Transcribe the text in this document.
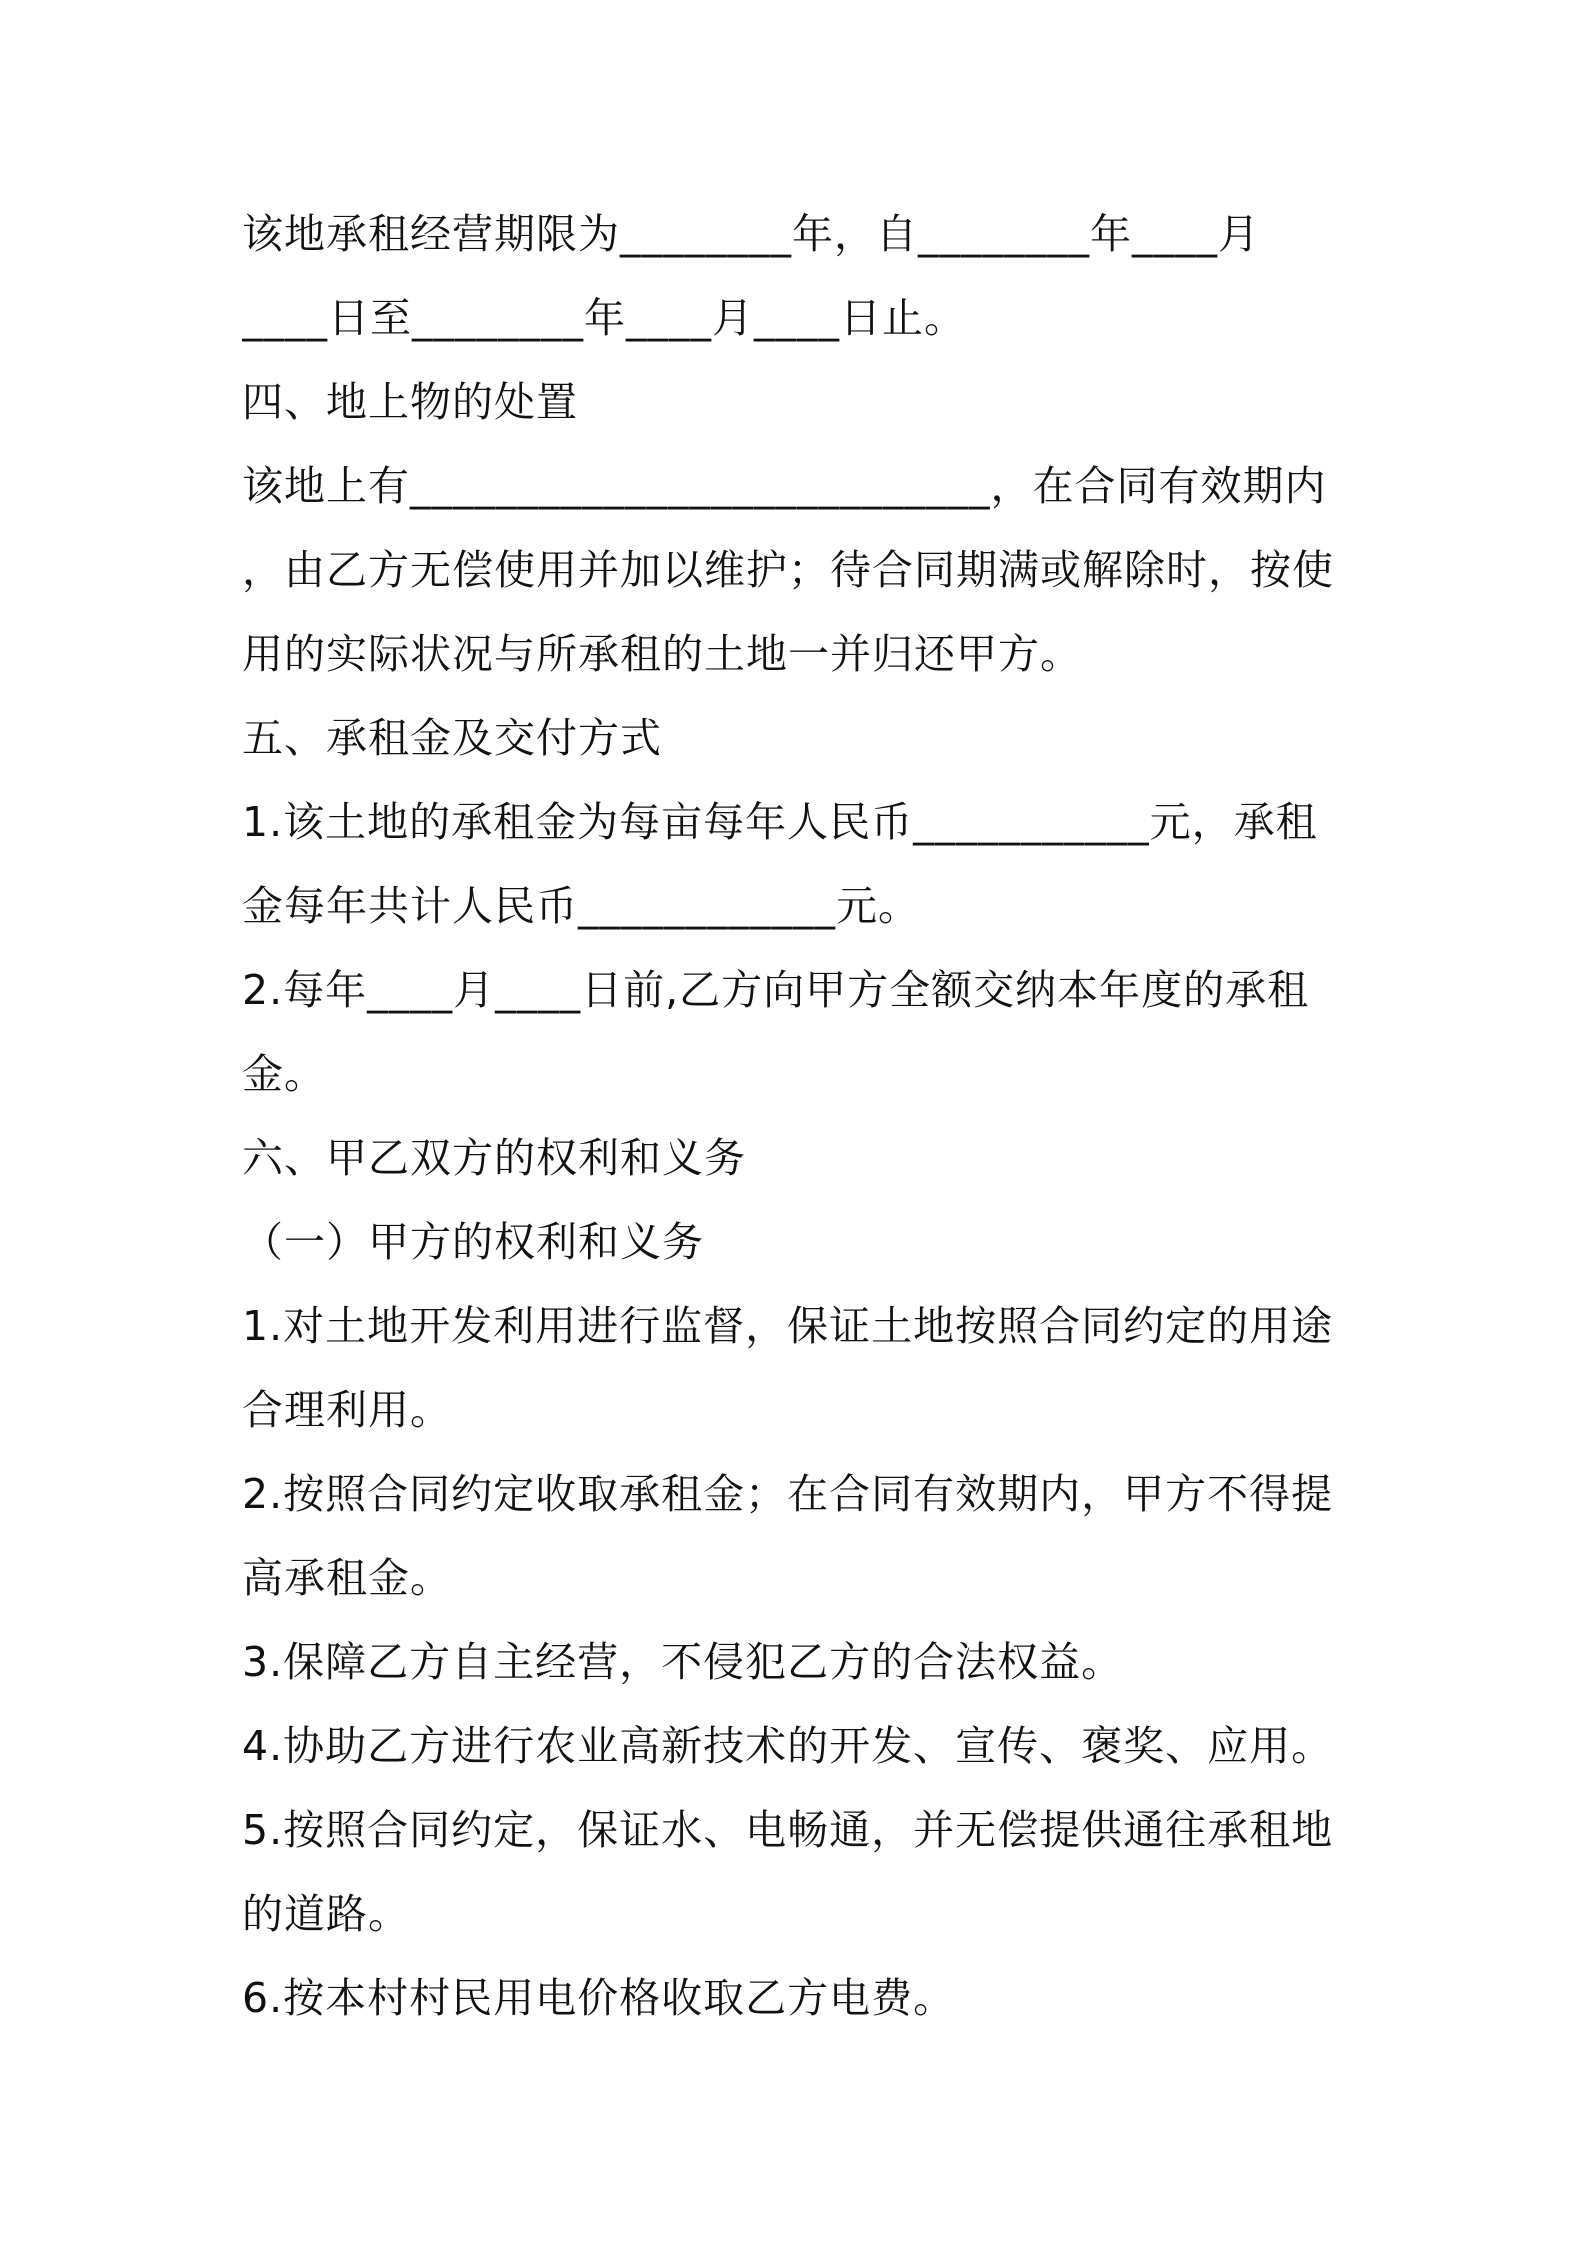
该地承租经营期限为________年，自________年____月
____日至________年____月____日止。
四、地上物的处置
该地上有___________________________，在合同有效期内
，由乙方无偿使用并加以维护；待合同期满或解除时，按使
用的实际状况与所承租的土地一并归还甲方。
五、承租金及交付方式
1.该土地的承租金为每亩每年人民币___________元，承租
金每年共计人民币____________元。
2.每年____月____日前,乙方向甲方全额交纳本年度的承租
金。
六、甲乙双方的权利和义务
（一）甲方的权利和义务
1.对土地开发利用进行监督，保证土地按照合同约定的用途
合理利用。
2.按照合同约定收取承租金；在合同有效期内，甲方不得提
高承租金。
3.保障乙方自主经营，不侵犯乙方的合法权益。
4.协助乙方进行农业高新技术的开发、宣传、褒奖、应用。
5.按照合同约定，保证水、电畅通，并无偿提供通往承租地
的道路。
6.按本村村民用电价格收取乙方电费。
